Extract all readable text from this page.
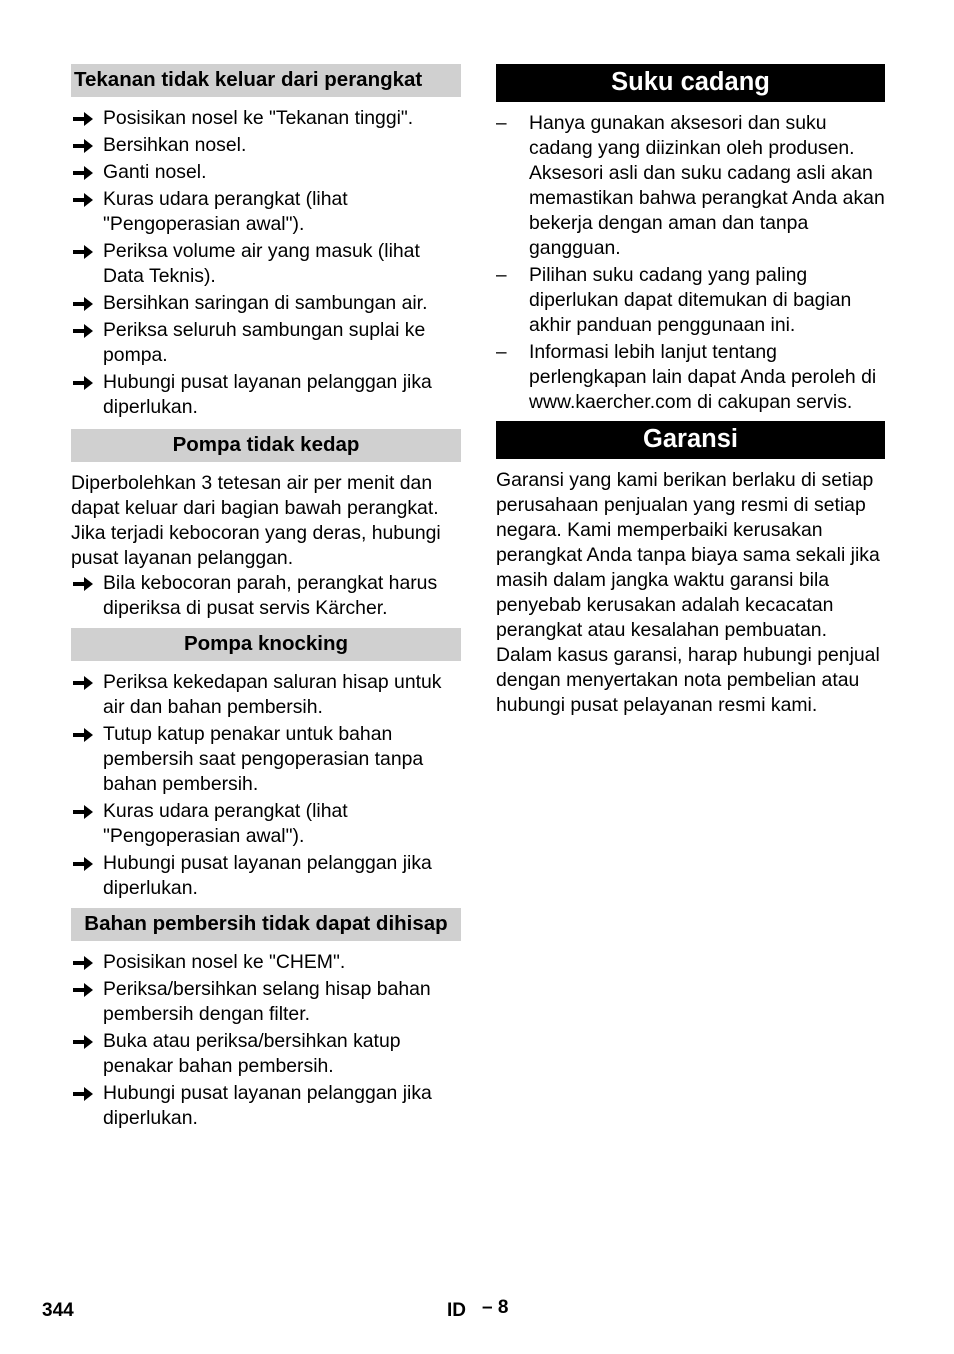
Tekanan tidak keluar dari perangkat
Posisikan nosel ke "Tekanan tinggi".
Bersihkan nosel.
Ganti nosel.
Kuras udara perangkat (lihat "Pengoperasian awal").
Periksa volume air yang masuk (lihat Data Teknis).
Bersihkan saringan di sambungan air.
Periksa seluruh sambungan suplai ke pompa.
Hubungi pusat layanan pelanggan jika diperlukan.
Pompa tidak kedap

Diperbolehkan 3 tetesan air per menit dan dapat keluar dari bagian bawah perangkat. Jika terjadi kebocoran yang deras, hubungi pusat layanan pelanggan.

Bila kebocoran parah, perangkat harus diperiksa di pusat servis Kärcher.
Pompa knocking
Periksa kekedapan saluran hisap untuk air dan bahan pembersih.
Tutup katup penakar untuk bahan pembersih saat pengoperasian tanpa bahan pembersih.
Kuras udara perangkat (lihat "Pengoperasian awal").
Hubungi pusat layanan pelanggan jika diperlukan.
Bahan pembersih tidak dapat dihisap
Posisikan nosel ke "CHEM".
Periksa/bersihkan selang hisap bahan pembersih dengan filter.
Buka atau periksa/bersihkan katup penakar bahan pembersih.
Hubungi pusat layanan pelanggan jika diperlukan.
Suku cadang
–	Hanya gunakan aksesori dan suku cadang yang diizinkan oleh produsen. Aksesori asli dan suku cadang asli akan memastikan bahwa perangkat Anda akan bekerja dengan aman dan tanpa gangguan.
–	Pilihan suku cadang yang paling diperlukan dapat ditemukan di bagian akhir panduan penggunaan ini.
–	Informasi lebih lanjut tentang perlengkapan lain dapat Anda peroleh di www.kaercher.com di cakupan servis.
Garansi

Garansi yang kami berikan berlaku di setiap perusahaan penjualan yang resmi di setiap negara. Kami memperbaiki kerusakan perangkat Anda tanpa biaya sama sekali jika masih dalam jangka waktu garansi bila penyebab kerusakan adalah kecacatan perangkat atau kesalahan pembuatan. Dalam kasus garansi, harap hubungi penjual dengan menyertakan nota pembelian atau hubungi pusat pelayanan resmi kami.

344	ID – 8
